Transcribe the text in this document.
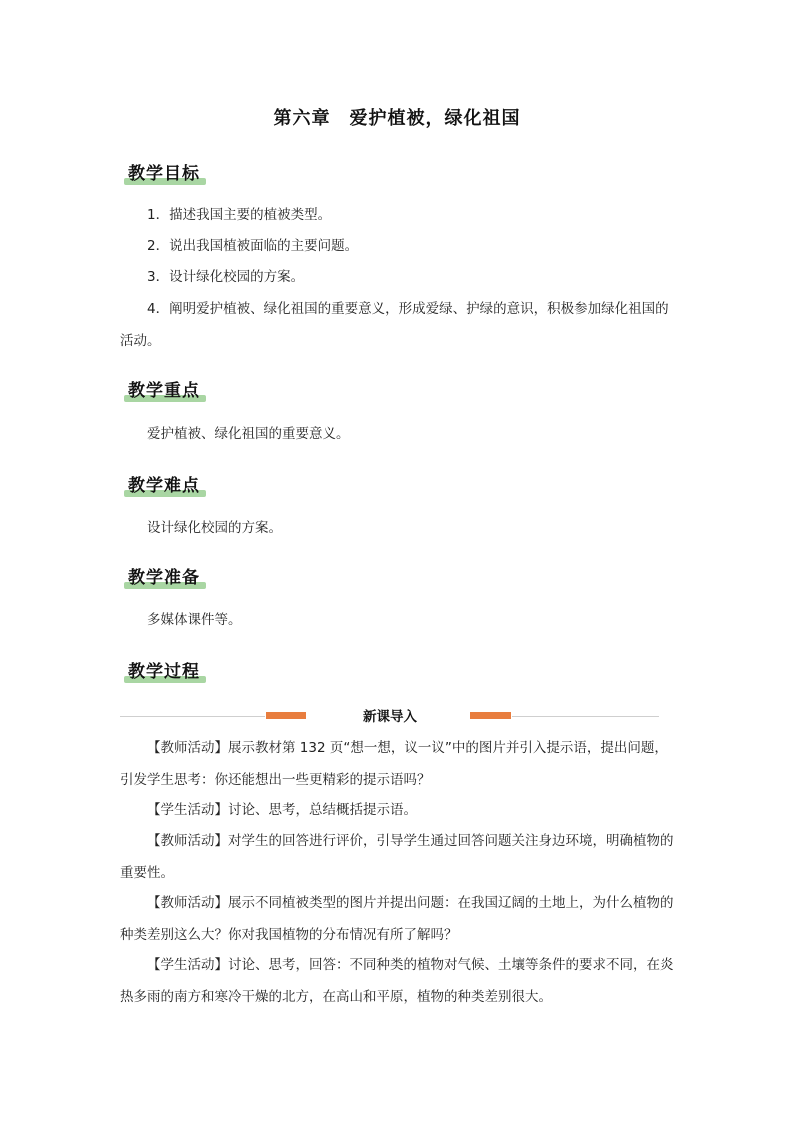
第六章　爱护植被，绿化祖国
教学目标
1．描述我国主要的植被类型。
2．说出我国植被面临的主要问题。
3．设计绿化校园的方案。
4．阐明爱护植被、绿化祖国的重要意义，形成爱绿、护绿的意识，积极参加绿化祖国的活动。
教学重点
爱护植被、绿化祖国的重要意义。
教学难点
设计绿化校园的方案。
教学准备
多媒体课件等。
教学过程
新课导入
【教师活动】展示教材第 132 页“想一想，议一议”中的图片并引入提示语，提出问题，引发学生思考：你还能想出一些更精彩的提示语吗？
【学生活动】讨论、思考，总结概括提示语。
【教师活动】对学生的回答进行评价，引导学生通过回答问题关注身边环境，明确植物的重要性。
【教师活动】展示不同植被类型的图片并提出问题：在我国辽阔的土地上，为什么植物的种类差别这么大？你对我国植物的分布情况有所了解吗？
【学生活动】讨论、思考，回答：不同种类的植物对气候、土壤等条件的要求不同，在炎热多雨的南方和寒冷干燥的北方，在高山和平原，植物的种类差别很大。
